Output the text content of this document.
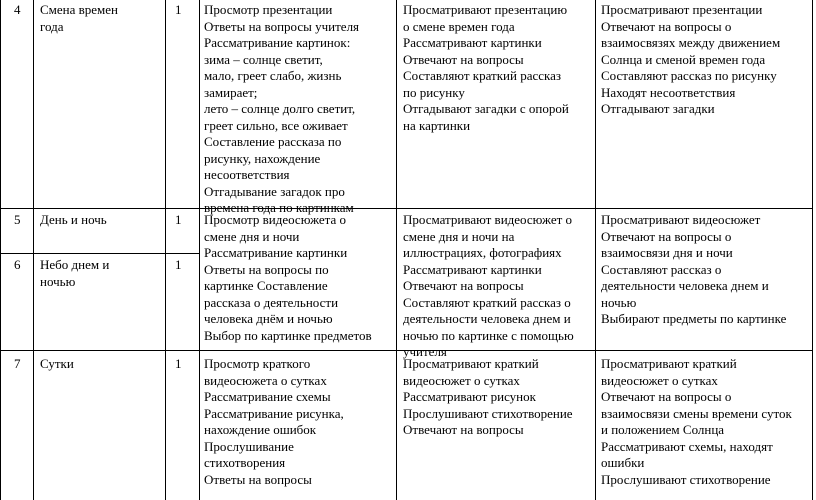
4 Смена времен
года
1 Просмотр презентации
Ответы на вопросы учителя
Рассматривание картинок:
зима – солнце светит,
мало, греет слабо, жизнь
замирает;
лето – солнце долго светит,
греет сильно, все оживает
Составление рассказа по
рисунку, нахождение
несоответствия
Отгадывание загадок про
времена года по картинкам
Просматривают презентацию
о смене времен года
Рассматривают картинки
Отвечают на вопросы
Составляют краткий рассказ
по рисунку
Отгадывают загадки с опорой
на картинки
Просматривают презентации
Отвечают на вопросы о
взаимосвязях между движением
Солнца и сменой времен года
Составляют рассказ по рисунку
Находят несоответствия
Отгадывают загадки
5 День и ночь	1
6 Небо днем и
ночью
1
Просмотр видеосюжета о
смене дня и ночи
Рассматривание картинки
Ответы на вопросы по
картинке Составление
рассказа о деятельности
человека днём и ночью
Выбор по картинке предметов
Просматривают видеосюжет о
смене дня и ночи на
иллюстрациях, фотографиях
Рассматривают картинки
Отвечают на вопросы
Составляют краткий рассказ о
деятельности человека днем и
ночью по картинке с помощью
учителя
Просматривают видеосюжет
Отвечают на вопросы о
взаимосвязи дня и ночи
Составляют рассказ о
деятельности человека днем и
ночью
Выбирают предметы по картинке
7 Сутки	1 Просмотр краткого
видеосюжета о сутках
Рассматривание схемы
Рассматривание рисунка,
нахождение ошибок
Прослушивание
стихотворения
Ответы на вопросы
Просматривают краткий
видеосюжет о сутках
Рассматривают рисунок
Прослушивают стихотворение
Отвечают на вопросы
Просматривают краткий
видеосюжет о сутках
Отвечают на вопросы о
взаимосвязи смены времени суток
и положением Солнца
Рассматривают схемы, находят
ошибки
Прослушивают стихотворение
